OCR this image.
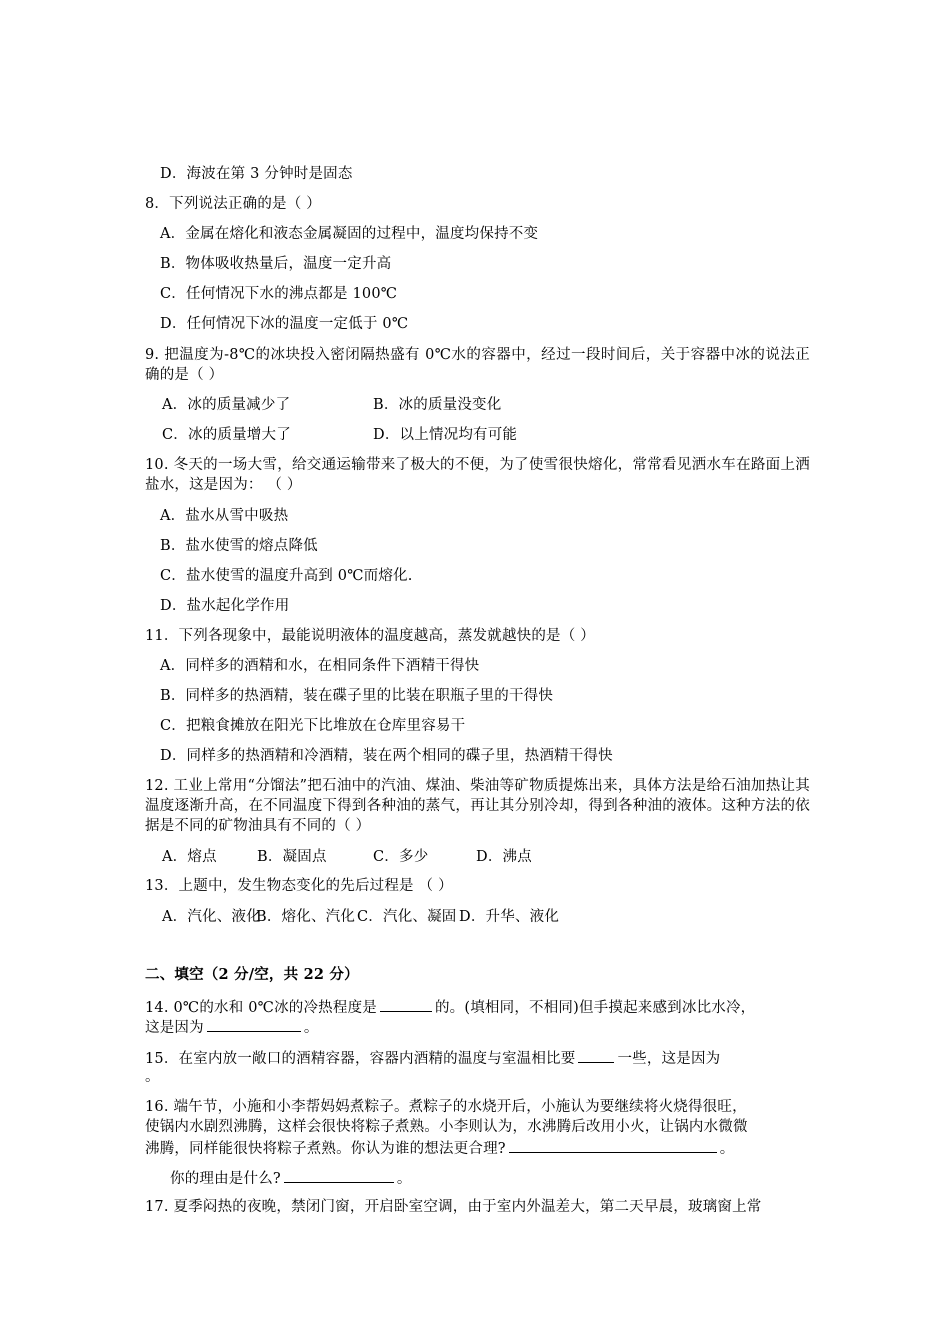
D．海波在第 3 分钟时是固态
8．下列说法正确的是（ ）
A．金属在熔化和液态金属凝固的过程中，温度均保持不变
B．物体吸收热量后，温度一定升高
C．任何情况下水的沸点都是 100℃
D．任何情况下冰的温度一定低于 0℃
9. 把温度为-8℃的冰块投入密闭隔热盛有 0℃水的容器中，经过一段时间后，关于容器中冰的说法正确的是（ ）
A．冰的质量减少了	B．冰的质量没变化
C．冰的质量增大了	D．以上情况均有可能
10. 冬天的一场大雪，给交通运输带来了极大的不便，为了使雪很快熔化，常常看见洒水车在路面上洒盐水，这是因为： （ ）
A．盐水从雪中吸热
B．盐水使雪的熔点降低
C．盐水使雪的温度升高到 0℃而熔化.
D．盐水起化学作用
11．下列各现象中，最能说明液体的温度越高，蒸发就越快的是（ ）
A．同样多的酒精和水，在相同条件下酒精干得快
B．同样多的热酒精，装在碟子里的比装在职瓶子里的干得快
C．把粮食摊放在阳光下比堆放在仓库里容易干
D．同样多的热酒精和冷酒精，装在两个相同的碟子里，热酒精干得快
12. 工业上常用“分馏法”把石油中的汽油、煤油、柴油等矿物质提炼出来，具体方法是给石油加热让其温度逐渐升高，在不同温度下得到各种油的蒸气，再让其分别冷却，得到各种油的液体。这种方法的依据是不同的矿物油具有不同的（ ）
A．熔点	B．凝固点	C．多少	D．沸点
13．上题中，发生物态变化的先后过程是 （ ）
A．汽化、液化
B．熔化、汽化 C．汽化、凝固 D．升华、液化
二、填空（2 分/空，共 22 分）
14. 0℃的水和 0℃冰的冷热程度是	的。(填相同，不相同)但手摸起来感到冰比水冷，
这是因为	。
15．在室内放一敞口的酒精容器，容器内酒精的温度与室温相比要	一些，这是因为
。
16. 端午节，小施和小李帮妈妈煮粽子。煮粽子的水烧开后，小施认为要继续将火烧得很旺，
使锅内水剧烈沸腾，这样会很快将粽子煮熟。小李则认为，水沸腾后改用小火，让锅内水微微
沸腾，同样能很快将粽子煮熟。你认为谁的想法更合理?	。
你的理由是什么?	。
17. 夏季闷热的夜晚，禁闭门窗，开启卧室空调，由于室内外温差大，第二天早晨，玻璃窗上常
